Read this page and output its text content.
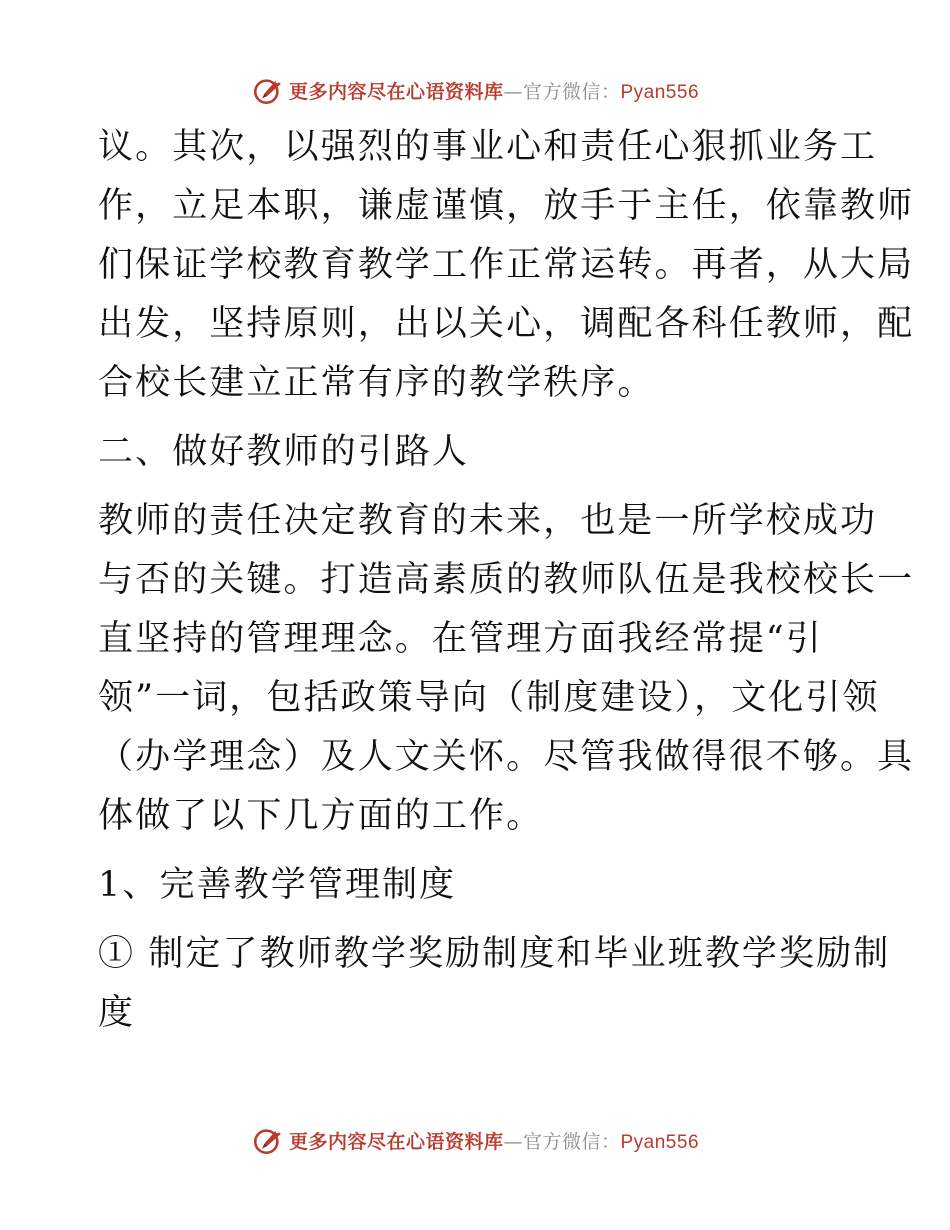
更多内容尽在心语资料库—官方微信：Pyan556
议。其次，以强烈的事业心和责任心狠抓业务工
作，立足本职，谦虚谨慎，放手于主任，依靠教师
们保证学校教育教学工作正常运转。再者，从大局
出发，坚持原则，出以关心，调配各科任教师，配
合校长建立正常有序的教学秩序。
二、做好教师的引路人
教师的责任决定教育的未来，也是一所学校成功
与否的关键。打造高素质的教师队伍是我校校长一
直坚持的管理理念。在管理方面我经常提“引
领”一词，包括政策导向（制度建设），文化引领
（办学理念）及人文关怀。尽管我做得很不够。具
体做了以下几方面的工作。
1、完善教学管理制度
① 制定了教师教学奖励制度和毕业班教学奖励制
度
更多内容尽在心语资料库—官方微信：Pyan556
